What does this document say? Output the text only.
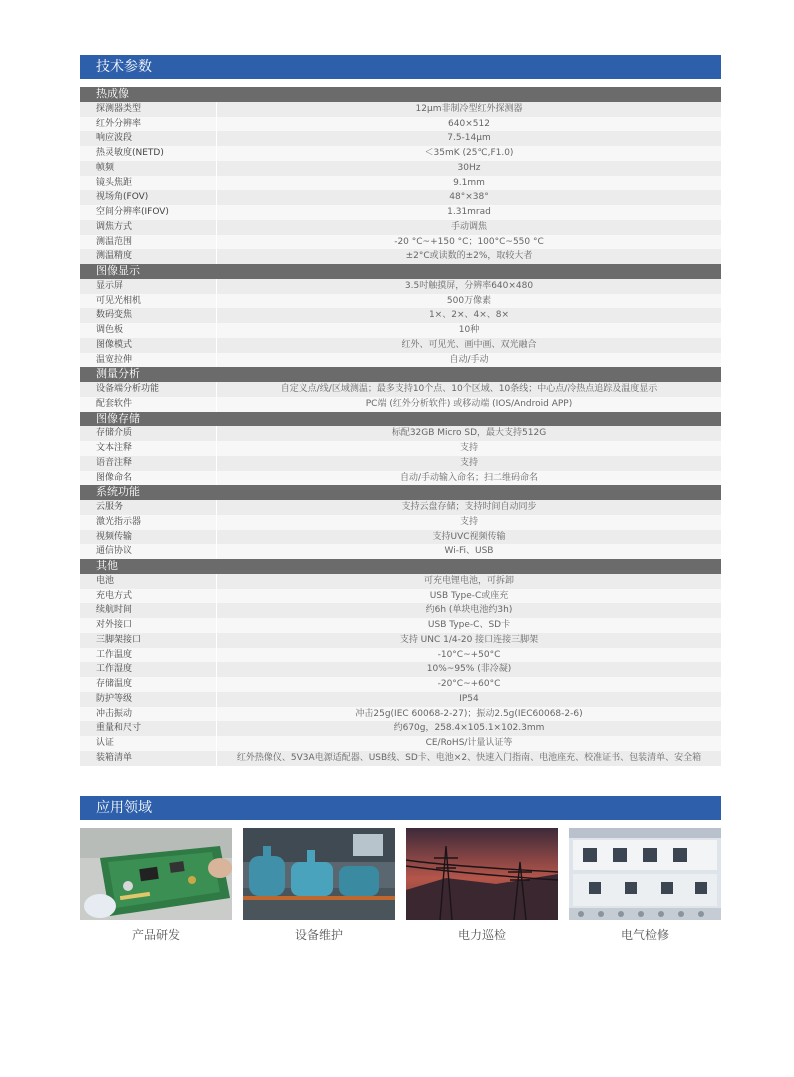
技术参数
热成像	
探测器类型	12μm非制冷型红外探测器
红外分辨率	640×512
响应波段	7.5-14μm
热灵敏度(NETD)	＜35mK (25℃,F1.0)
帧频	30Hz
镜头焦距	9.1mm
视场角(FOV)	48°×38°
空间分辨率(IFOV)	1.31mrad
调焦方式	手动调焦
测温范围	-20 °C~+150 °C；100°C~550 °C
测温精度	±2°C或读数的±2%，取较大者
图像显示	
显示屏	3.5吋触摸屏，分辨率640×480
可见光相机	500万像素
数码变焦	1×、2×、4×、8×
调色板	10种
图像模式	红外、可见光、画中画、双光融合
温宽拉伸	自动/手动
测量分析	
设备端分析功能	自定义点/线/区域测温；最多支持10个点、10个区域、10条线；中心点/冷热点追踪及温度显示
配套软件	PC端 (红外分析软件) 或移动端 (IOS/Android APP)
图像存储	
存储介质	标配32GB Micro SD，最大支持512G
文本注释	支持
语音注释	支持
图像命名	自动/手动输入命名；扫二维码命名
系统功能	
云服务	支持云盘存储；支持时间自动同步
激光指示器	支持
视频传输	支持UVC视频传输
通信协议	Wi-Fi、USB
其他	
电池	可充电锂电池，可拆卸
充电方式	USB Type-C或座充
续航时间	约6h (单块电池约3h)
对外接口	USB Type-C、SD卡
三脚架接口	支持 UNC 1/4-20 接口连接三脚架
工作温度	-10°C~+50°C
工作湿度	10%~95% (非冷凝)
存储温度	-20°C~+60°C
防护等级	IP54
冲击振动	冲击25g(IEC 60068-2-27)；振动2.5g(IEC60068-2-6)
重量和尺寸	约670g，258.4×105.1×102.3mm
认证	CE/RoHS/计量认证等
装箱清单	红外热像仪、5V3A电源适配器、USB线、SD卡、电池×2、快速入门指南、电池座充、校准证书、包装清单、安全箱
应用领域
产品研发	设备维护	电力巡检	电气检修
